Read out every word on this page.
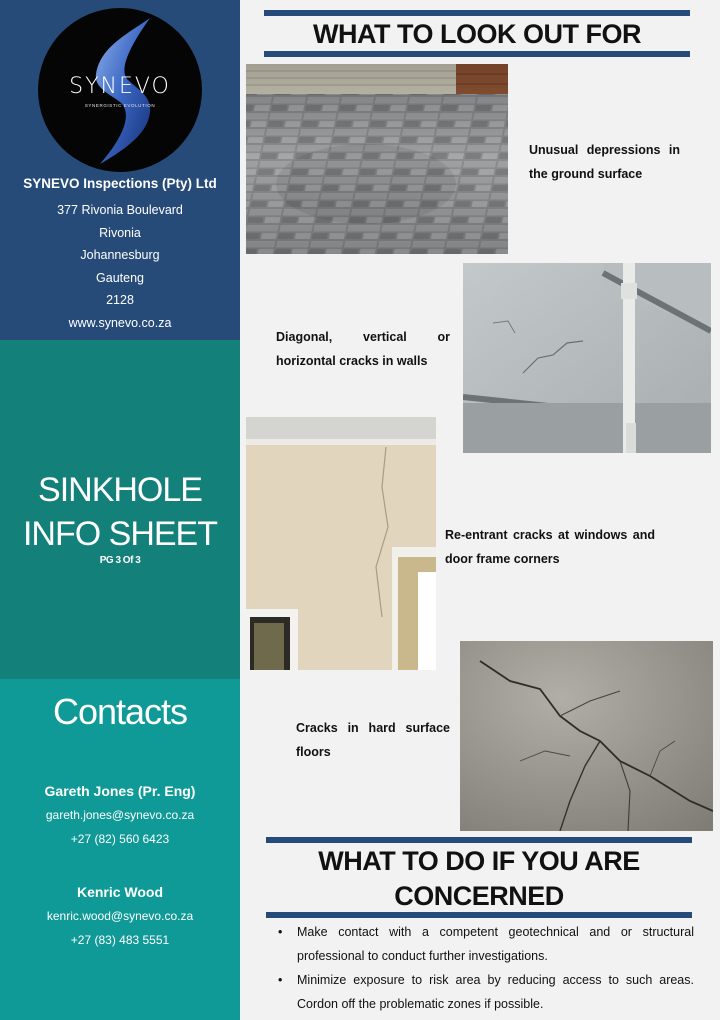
SYNEVO
SYNERGISTIC EVOLUTION
SYNEVO Inspections (Pty) Ltd
377 Rivonia Boulevard
Rivonia
Johannesburg
Gauteng
2128
www.synevo.co.za
SINKHOLE
INFO SHEET
PG 3 Of 3
Contacts
Gareth Jones (Pr. Eng)
gareth.jones@synevo.co.za
+27 (82) 560 6423
Kenric Wood
kenric.wood@synevo.co.za
+27 (83) 483 5551
WHAT TO LOOK OUT FOR
Unusual depressions in the ground surface
Diagonal, vertical or horizontal cracks in walls
Re-entrant cracks at windows and door frame corners
Cracks in hard surface floors
WHAT TO DO IF YOU ARE
CONCERNED
• Make contact with a competent geotechnical and or structural professional to conduct further investigations.
• Minimize exposure to risk area by reducing access to such areas. Cordon off the problematic zones if possible.
